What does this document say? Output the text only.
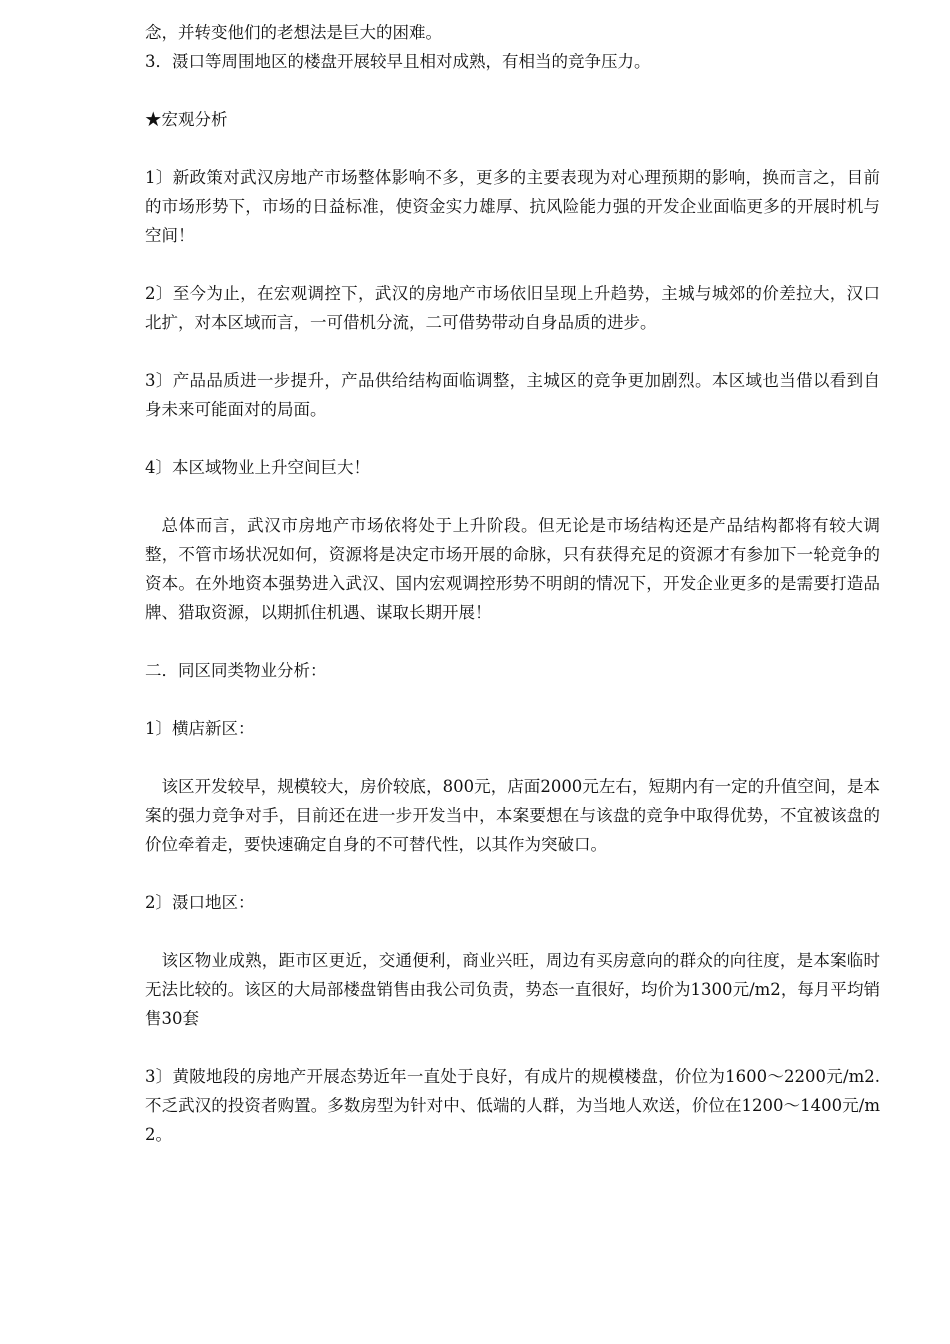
念，并转变他们的老想法是巨大的困难。

3．滠口等周围地区的楼盘开展较早且相对成熟，有相当的竞争压力。

★宏观分析

1〕新政策对武汉房地产市场整体影响不多，更多的主要表现为对心理预期的影响，换而言之，目前的市场形势下，市场的日益标准，使资金实力雄厚、抗风险能力强的开发企业面临更多的开展时机与空间！

2〕至今为止，在宏观调控下，武汉的房地产市场依旧呈现上升趋势，主城与城郊的价差拉大，汉口北扩，对本区域而言，一可借机分流，二可借势带动自身品质的进步。

3〕产品品质进一步提升，产品供给结构面临调整，主城区的竞争更加剧烈。本区域也当借以看到自身未来可能面对的局面。

4〕本区域物业上升空间巨大！

总体而言，武汉市房地产市场依将处于上升阶段。但无论是市场结构还是产品结构都将有较大调整，不管市场状况如何，资源将是决定市场开展的命脉，只有获得充足的资源才有参加下一轮竞争的资本。在外地资本强势进入武汉、国内宏观调控形势不明朗的情况下，开发企业更多的是需要打造品牌、猎取资源，以期抓住机遇、谋取长期开展！

二．同区同类物业分析：

1〕横店新区：

该区开发较早，规模较大，房价较底，800元，店面2000元左右，短期内有一定的升值空间，是本案的强力竞争对手，目前还在进一步开发当中，本案要想在与该盘的竞争中取得优势，不宜被该盘的价位牵着走，要快速确定自身的不可替代性，以其作为突破口。

2〕滠口地区：

该区物业成熟，距市区更近，交通便利，商业兴旺，周边有买房意向的群众的向往度，是本案临时无法比较的。该区的大局部楼盘销售由我公司负责，势态一直很好，均价为1300元/m2，每月平均销售30套

3〕黄陂地段的房地产开展态势近年一直处于良好，有成片的规模楼盘，价位为1600～2200元/m2.不乏武汉的投资者购置。多数房型为针对中、低端的人群，为当地人欢送，价位在1200～1400元/m2。
